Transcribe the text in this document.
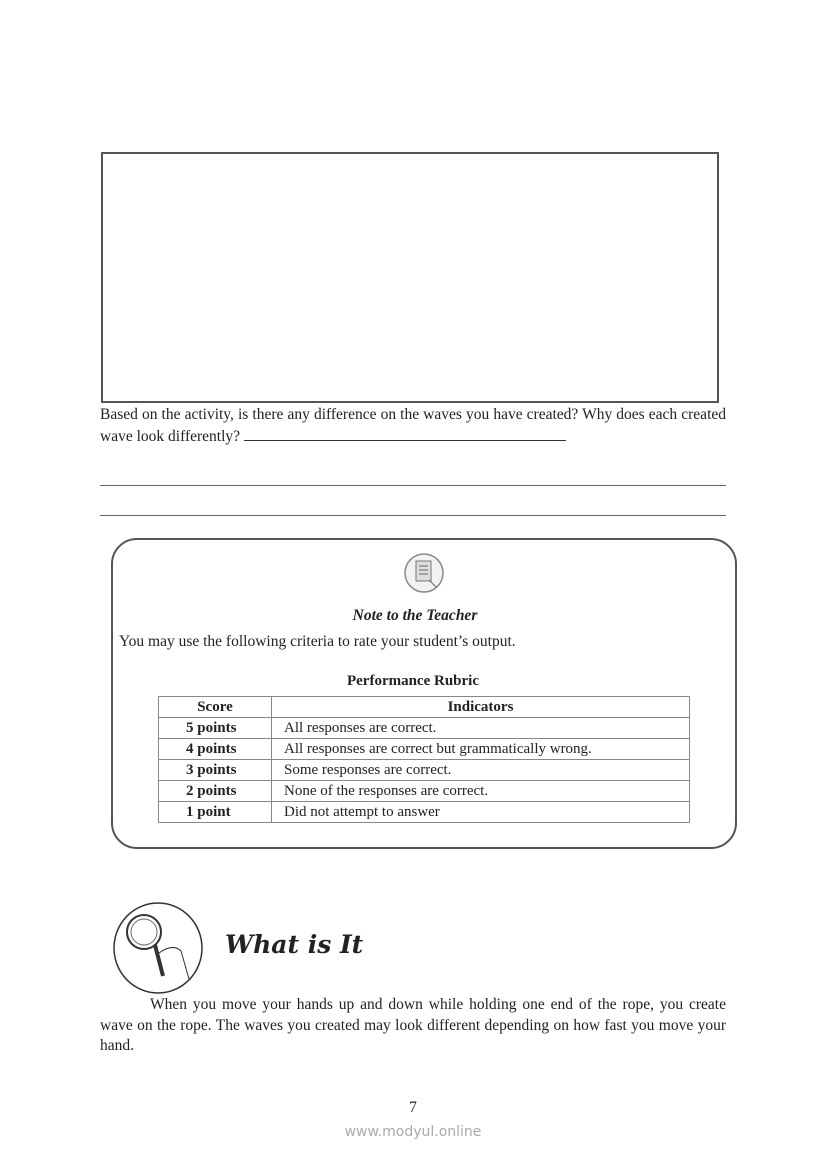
Based on the activity, is there any difference on the waves you have created? Why does each created wave look differently?
Note to the Teacher
You may use the following criteria to rate your student’s output.
Performance Rubric
Score	Indicators
5 points	All responses are correct.
4 points	All responses are correct but grammatically wrong.
3 points	Some responses are correct.
2 points	None of the responses are correct.
1 point	Did not attempt to answer
What is It
When you move your hands up and down while holding one end of the rope, you create wave on the rope. The waves you created may look different depending on how fast you move your hand.
7
www.modyul.online
